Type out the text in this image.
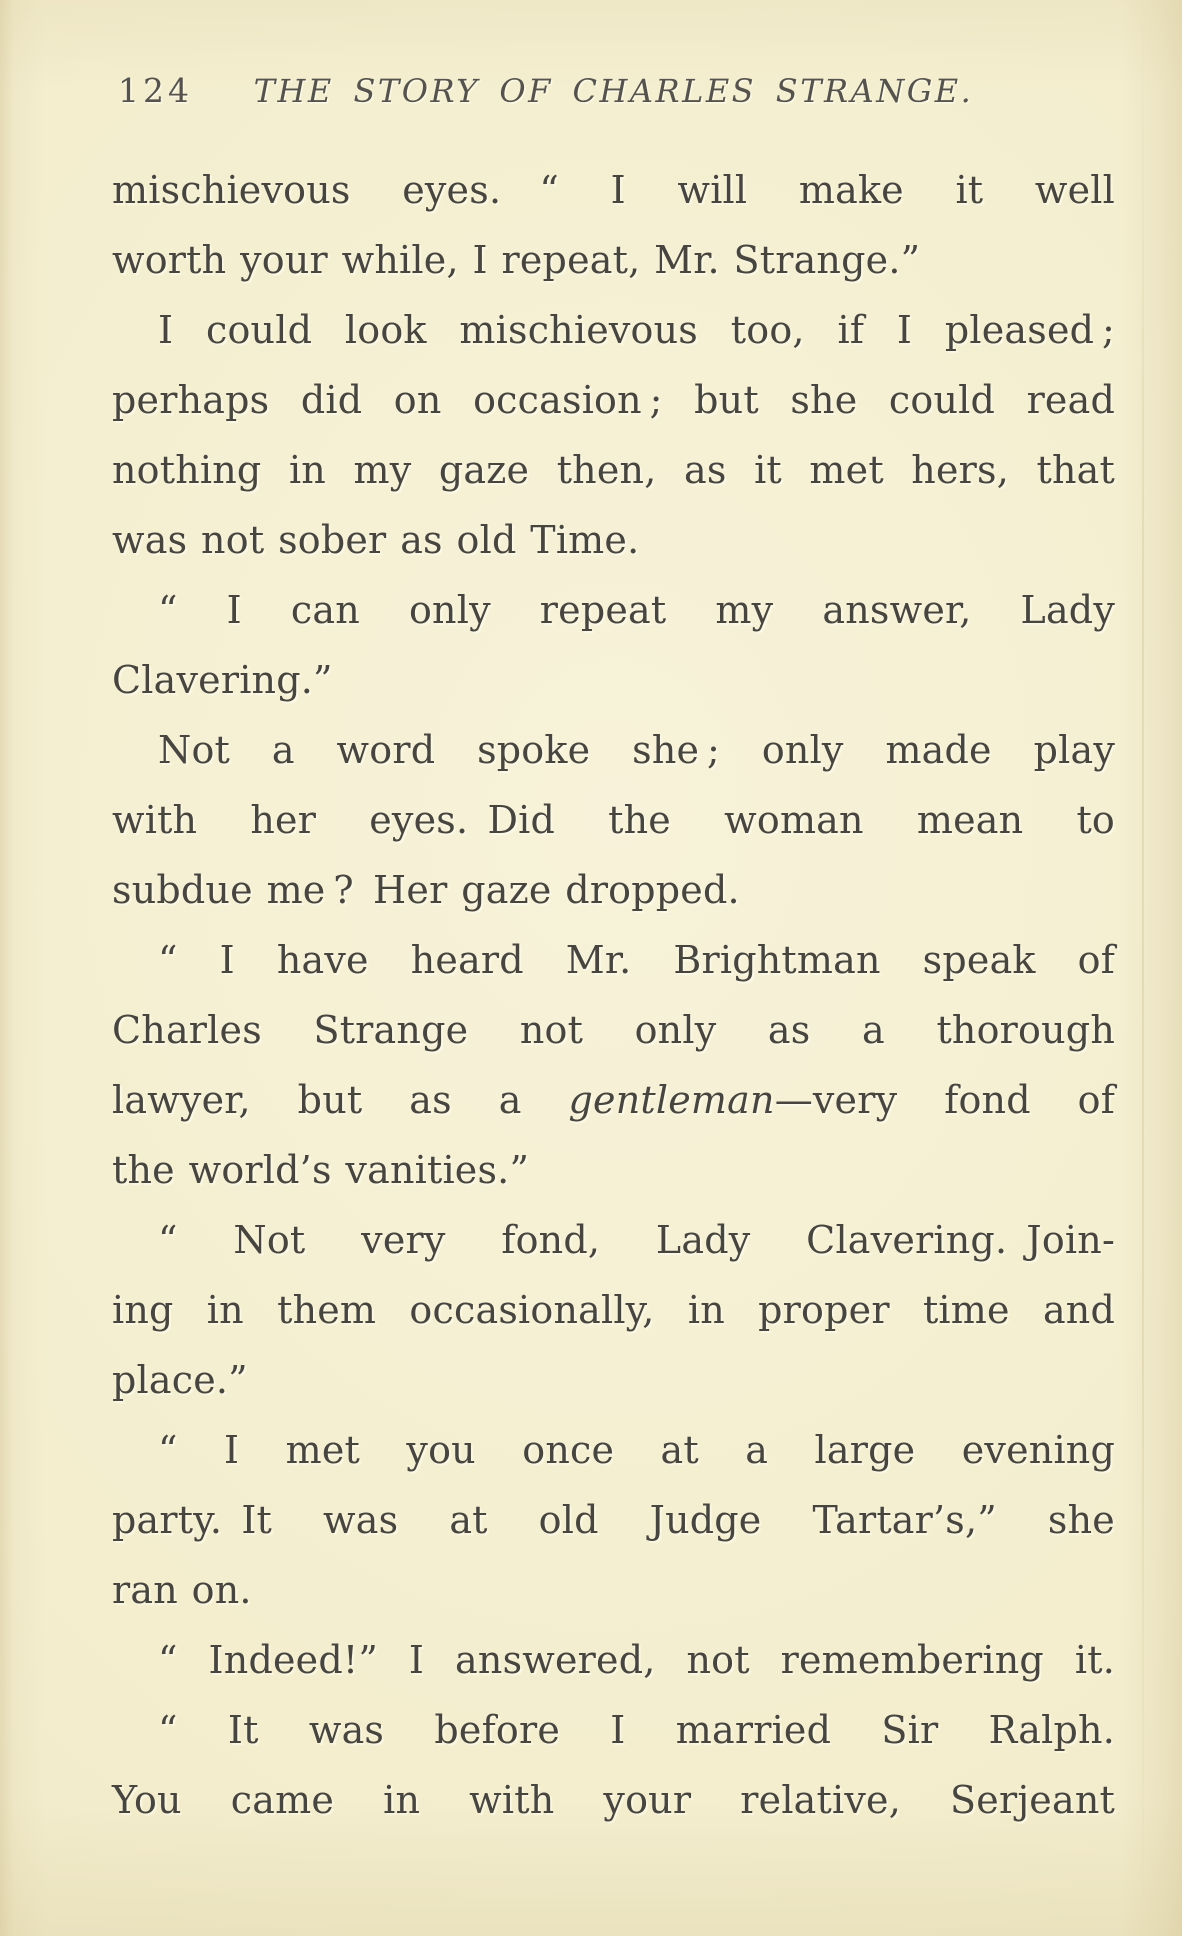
124	THE STORY OF CHARLES STRANGE.
mischievous eyes. “ I will make it well
worth your while, I repeat, Mr. Strange.”
I could look mischievous too, if I pleased ;
perhaps did on occasion ; but she could read
nothing in my gaze then, as it met hers, that
was not sober as old Time.
“ I can only repeat my answer, Lady
Clavering.”
Not a word spoke she ; only made play
with her eyes. Did the woman mean to
subdue me ? Her gaze dropped.
“ I have heard Mr. Brightman speak of
Charles Strange not only as a thorough
lawyer, but as a gentleman—very fond of
the world’s vanities.”
“ Not very fond, Lady Clavering. Join-
ing in them occasionally, in proper time and
place.”
“ I met you once at a large evening
party. It was at old Judge Tartar’s,” she
ran on.
“ Indeed!” I answered, not remembering it.
“ It was before I married Sir Ralph.
You came in with your relative, Serjeant
